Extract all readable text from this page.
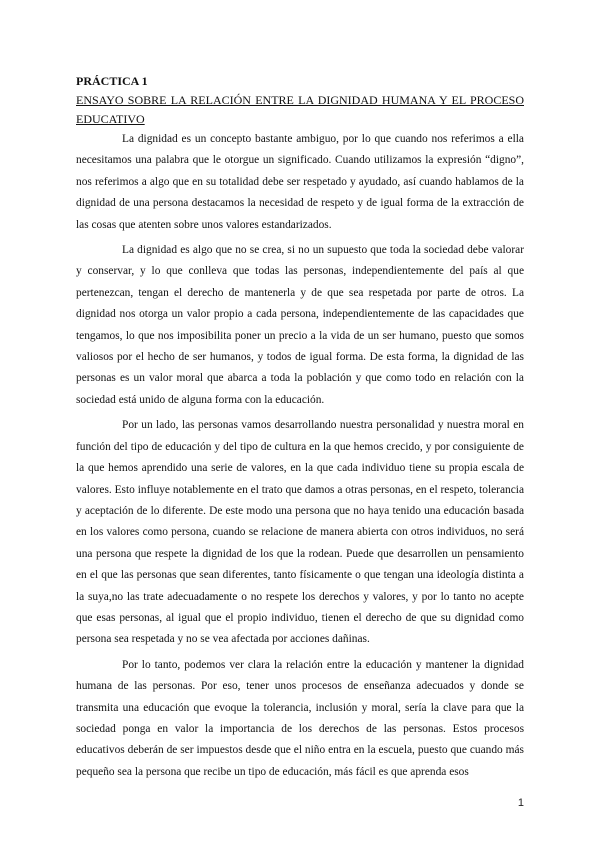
PRÁCTICA 1

ENSAYO SOBRE LA RELACIÓN ENTRE LA DIGNIDAD HUMANA Y EL PROCESO EDUCATIVO

La dignidad es un concepto bastante ambiguo, por lo que cuando nos referimos a ella necesitamos una palabra que le otorgue un significado. Cuando utilizamos la expresión “digno”, nos referimos a algo que en su totalidad debe ser respetado y ayudado, así cuando hablamos de la dignidad de una persona destacamos la necesidad de respeto y de igual forma de la extracción de las cosas que atenten sobre unos valores estandarizados.

La dignidad es algo que no se crea, si no un supuesto que toda la sociedad debe valorar y conservar, y lo que conlleva que todas las personas, independientemente del país al que pertenezcan, tengan el derecho de mantenerla y de que sea respetada por parte de otros. La dignidad nos otorga un valor propio a cada persona, independientemente de las capacidades que tengamos, lo que nos imposibilita poner un precio a la vida de un ser humano, puesto que somos valiosos por el hecho de ser humanos, y todos de igual forma. De esta forma, la dignidad de las personas es un valor moral que abarca a toda la población y que como todo en relación con la sociedad está unido de alguna forma con la educación.

Por un lado, las personas vamos desarrollando nuestra personalidad y nuestra moral en función del tipo de educación y del tipo de cultura en la que hemos crecido, y por consiguiente de la que hemos aprendido una serie de valores, en la que cada individuo tiene su propia escala de valores. Esto influye notablemente en el trato que damos a otras personas, en el respeto, tolerancia y aceptación de lo diferente. De este modo una persona que no haya tenido una educación basada en los valores como persona, cuando se relacione de manera abierta con otros individuos, no será una persona que respete la dignidad de los que la rodean. Puede que desarrollen un pensamiento en el que las personas que sean diferentes, tanto físicamente o que tengan una ideología distinta a la suya,no las trate adecuadamente o no respete los derechos y valores, y por lo tanto no acepte que esas personas, al igual que el propio individuo, tienen el derecho de que su dignidad como persona sea respetada y no se vea afectada por acciones dañinas.

Por lo tanto, podemos ver clara la relación entre la educación y mantener la dignidad humana de las personas. Por eso, tener unos procesos de enseñanza adecuados y donde se transmita una educación que evoque la tolerancia, inclusión y moral, sería la clave para que la sociedad ponga en valor la importancia de los derechos de las personas. Estos procesos educativos deberán de ser impuestos desde que el niño entra en la escuela, puesto que cuando más pequeño sea la persona que recibe un tipo de educación, más fácil es que aprenda esos

1
